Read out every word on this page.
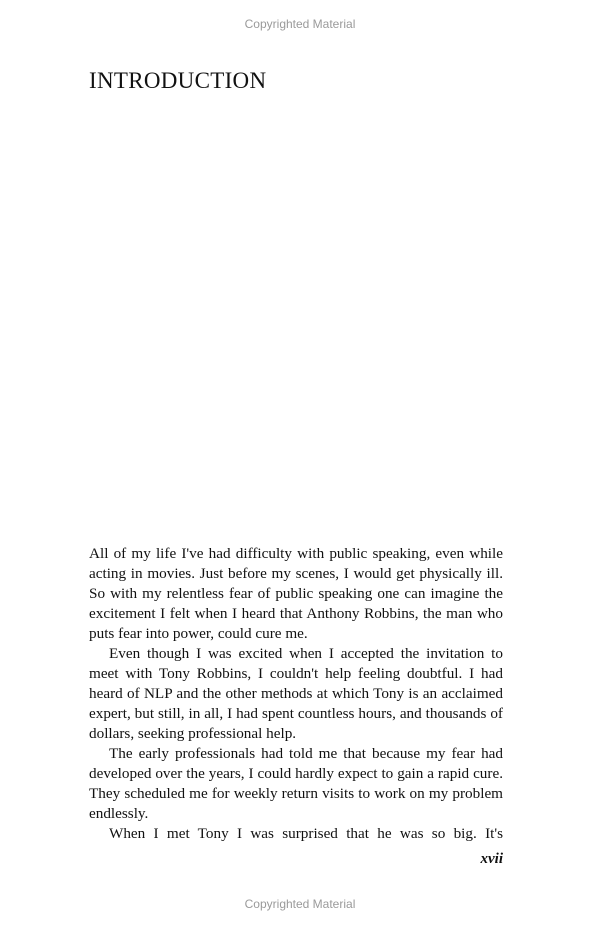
Copyrighted Material
INTRODUCTION

All of my life I've had difficulty with public speaking, even while acting in movies. Just before my scenes, I would get physically ill. So with my relentless fear of public speaking one can imagine the excitement I felt when I heard that Anthony Robbins, the man who puts fear into power, could cure me.

Even though I was excited when I accepted the invitation to meet with Tony Robbins, I couldn't help feeling doubtful. I had heard of NLP and the other methods at which Tony is an acclaimed expert, but still, in all, I had spent countless hours, and thousands of dollars, seeking professional help.

The early professionals had told me that because my fear had developed over the years, I could hardly expect to gain a rapid cure. They scheduled me for weekly return visits to work on my problem endlessly.

When I met Tony I was surprised that he was so big. It's

xvii
Copyrighted Material
